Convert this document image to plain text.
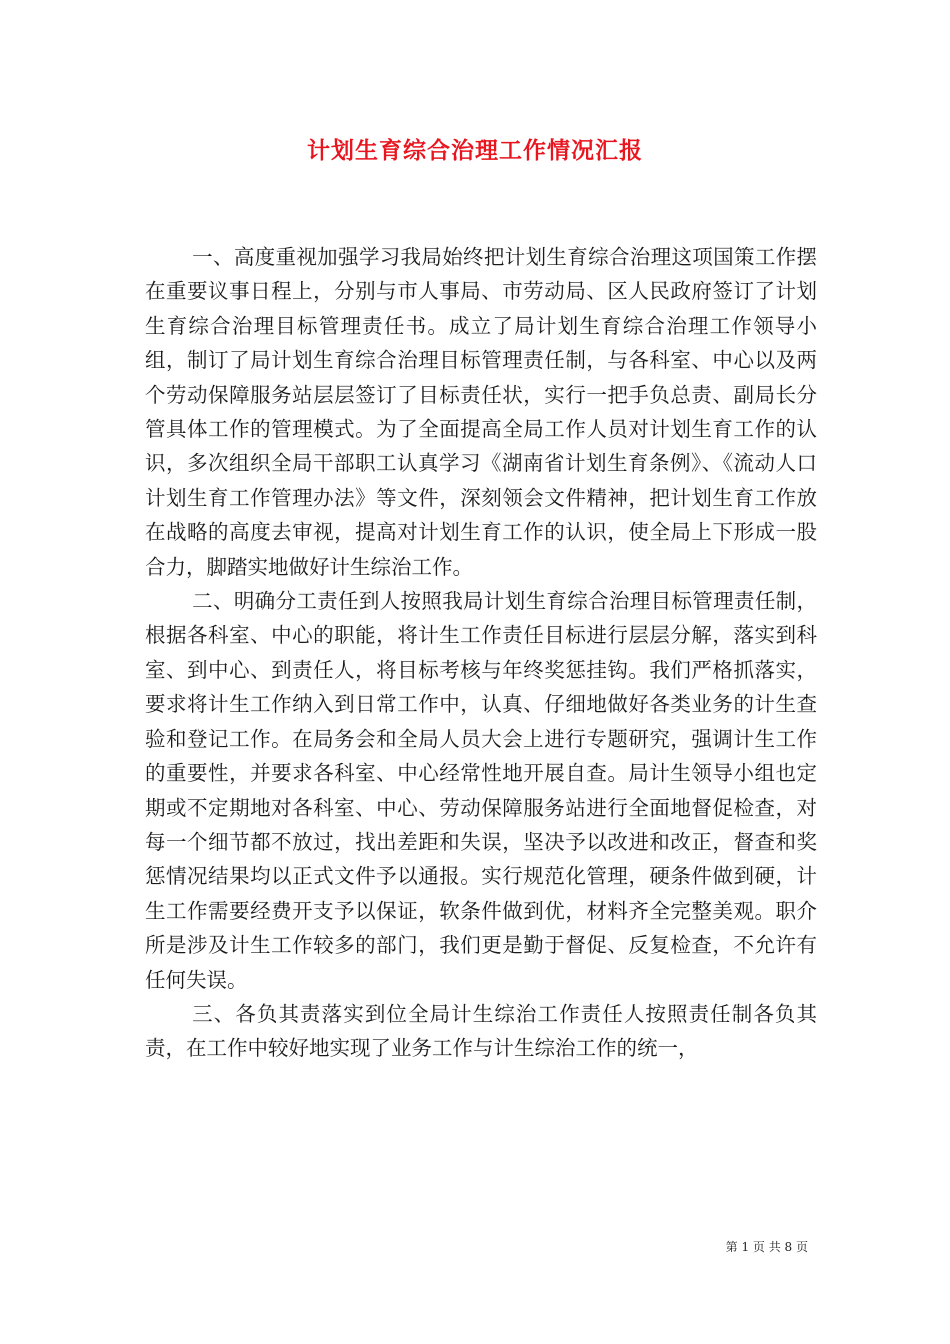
计划生育综合治理工作情况汇报

一、高度重视加强学习我局始终把计划生育综合治理这项国策工作摆在重要议事日程上，分别与市人事局、市劳动局、区人民政府签订了计划生育综合治理目标管理责任书。成立了局计划生育综合治理工作领导小组，制订了局计划生育综合治理目标管理责任制，与各科室、中心以及两个劳动保障服务站层层签订了目标责任状，实行一把手负总责、副局长分管具体工作的管理模式。为了全面提高全局工作人员对计划生育工作的认识，多次组织全局干部职工认真学习《湖南省计划生育条例》、《流动人口计划生育工作管理办法》等文件，深刻领会文件精神，把计划生育工作放在战略的高度去审视，提高对计划生育工作的认识，使全局上下形成一股合力，脚踏实地做好计生综治工作。

二、明确分工责任到人按照我局计划生育综合治理目标管理责任制，根据各科室、中心的职能，将计生工作责任目标进行层层分解，落实到科室、到中心、到责任人，将目标考核与年终奖惩挂钩。我们严格抓落实，要求将计生工作纳入到日常工作中，认真、仔细地做好各类业务的计生查验和登记工作。在局务会和全局人员大会上进行专题研究，强调计生工作的重要性，并要求各科室、中心经常性地开展自查。局计生领导小组也定期或不定期地对各科室、中心、劳动保障服务站进行全面地督促检查，对每一个细节都不放过，找出差距和失误，坚决予以改进和改正，督查和奖惩情况结果均以正式文件予以通报。实行规范化管理，硬条件做到硬，计生工作需要经费开支予以保证，软条件做到优，材料齐全完整美观。职介所是涉及计生工作较多的部门，我们更是勤于督促、反复检查，不允许有任何失误。

三、各负其责落实到位全局计生综治工作责任人按照责任制各负其责，在工作中较好地实现了业务工作与计生综治工作的统一，

第 1 页 共 8 页
